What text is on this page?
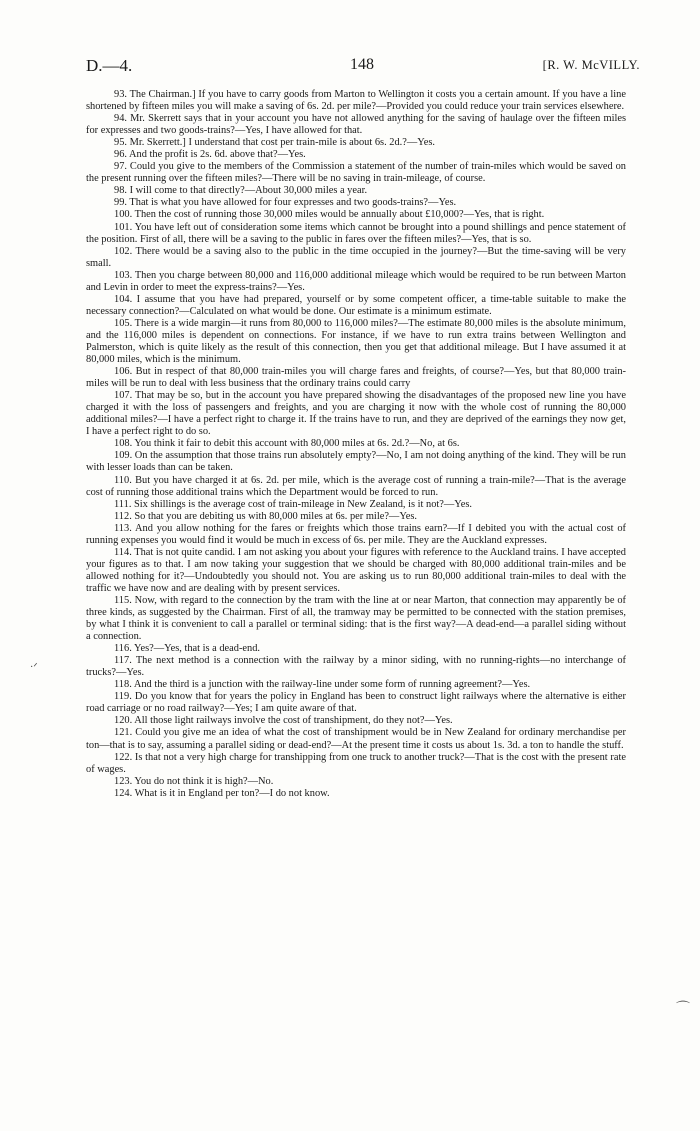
D.—4.	148	[R. W. McVILLY.

93. The Chairman.] If you have to carry goods from Marton to Wellington it costs you a certain amount. If you have a line shortened by fifteen miles you will make a saving of 6s. 2d. per mile?—Provided you could reduce your train services elsewhere.

94. Mr. Skerrett says that in your account you have not allowed anything for the saving of haulage over the fifteen miles for expresses and two goods-trains?—Yes, I have allowed for that.

95. Mr. Skerrett.] I understand that cost per train-mile is about 6s. 2d.?—Yes.

96. And the profit is 2s. 6d. above that?—Yes.

97. Could you give to the members of the Commission a statement of the number of train-miles which would be saved on the present running over the fifteen miles?—There will be no saving in train-mileage, of course.

98. I will come to that directly?—About 30,000 miles a year.

99. That is what you have allowed for four expresses and two goods-trains?—Yes.

100. Then the cost of running those 30,000 miles would be annually about £10,000?—Yes, that is right.

101. You have left out of consideration some items which cannot be brought into a pound shillings and pence statement of the position. First of all, there will be a saving to the public in fares over the fifteen miles?—Yes, that is so.

102. There would be a saving also to the public in the time occupied in the journey?—But the time-saving will be very small.

103. Then you charge between 80,000 and 116,000 additional mileage which would be required to be run between Marton and Levin in order to meet the express-trains?—Yes.

104. I assume that you have had prepared, yourself or by some competent officer, a time-table suitable to make the necessary connection?—Calculated on what would be done. Our estimate is a minimum estimate.

105. There is a wide margin—it runs from 80,000 to 116,000 miles?—The estimate 80,000 miles is the absolute minimum, and the 116,000 miles is dependent on connections. For instance, if we have to run extra trains between Wellington and Palmerston, which is quite likely as the result of this connection, then you get that additional mileage. But I have assumed it at 80,000 miles, which is the minimum.

106. But in respect of that 80,000 train-miles you will charge fares and freights, of course?—Yes, but that 80,000 train-miles will be run to deal with less business that the ordinary trains could carry

107. That may be so, but in the account you have prepared showing the disadvantages of the proposed new line you have charged it with the loss of passengers and freights, and you are charging it now with the whole cost of running the 80,000 additional miles?—I have a perfect right to charge it. If the trains have to run, and they are deprived of the earnings they now get, I have a perfect right to do so.

108. You think it fair to debit this account with 80,000 miles at 6s. 2d.?—No, at 6s.

109. On the assumption that those trains run absolutely empty?—No, I am not doing anything of the kind. They will be run with lesser loads than can be taken.

110. But you have charged it at 6s. 2d. per mile, which is the average cost of running a train-mile?—That is the average cost of running those additional trains which the Department would be forced to run.

111. Six shillings is the average cost of train-mileage in New Zealand, is it not?—Yes.

112. So that you are debiting us with 80,000 miles at 6s. per mile?—Yes.

113. And you allow nothing for the fares or freights which those trains earn?—If I debited you with the actual cost of running expenses you would find it would be much in excess of 6s. per mile. They are the Auckland expresses.

114. That is not quite candid. I am not asking you about your figures with reference to the Auckland trains. I have accepted your figures as to that. I am now taking your suggestion that we should be charged with 80,000 additional train-miles and be allowed nothing for it?—Undoubtedly you should not. You are asking us to run 80,000 additional train-miles to deal with the traffic we have now and are dealing with by present services.

115. Now, with regard to the connection by the tram with the line at or near Marton, that connection may apparently be of three kinds, as suggested by the Chairman. First of all, the tramway may be permitted to be connected with the station premises, by what I think it is convenient to call a parallel or terminal siding: that is the first way?—A dead-end—a parallel siding without a connection.

116. Yes?—Yes, that is a dead-end.

117. The next method is a connection with the railway by a minor siding, with no running-rights—no interchange of trucks?—Yes.

118. And the third is a junction with the railway-line under some form of running agreement?—Yes.

119. Do you know that for years the policy in England has been to construct light railways where the alternative is either road carriage or no road railway?—Yes; I am quite aware of that.

120. All those light railways involve the cost of transhipment, do they not?—Yes.

121. Could you give me an idea of what the cost of transhipment would be in New Zealand for ordinary merchandise per ton—that is to say, assuming a parallel siding or dead-end?—At the present time it costs us about 1s. 3d. a ton to handle the stuff.

122. Is that not a very high charge for transhipping from one truck to another truck?—That is the cost with the present rate of wages.

123. You do not think it is high?—No.

124. What is it in England per ton?—I do not know.

·ᐟ
⌒
